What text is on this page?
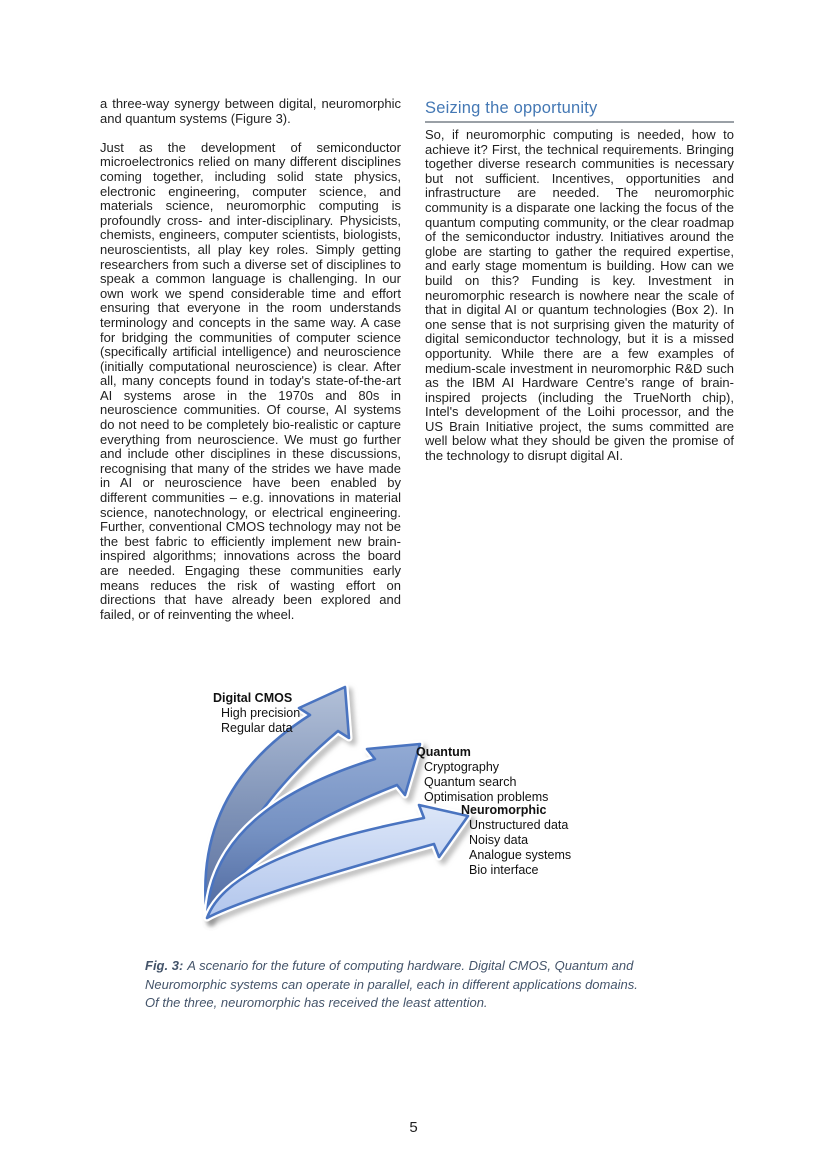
a three-way synergy between digital, neuromorphic and quantum systems (Figure 3).

Just as the development of semiconductor microelectronics relied on many different disciplines coming together, including solid state physics, electronic engineering, computer science, and materials science, neuromorphic computing is profoundly cross- and inter-disciplinary. Physicists, chemists, engineers, computer scientists, biologists, neuroscientists, all play key roles. Simply getting researchers from such a diverse set of disciplines to speak a common language is challenging. In our own work we spend considerable time and effort ensuring that everyone in the room understands terminology and concepts in the same way. A case for bridging the communities of computer science (specifically artificial intelligence) and neuroscience (initially computational neuroscience) is clear. After all, many concepts found in today's state-of-the-art AI systems arose in the 1970s and 80s in neuroscience communities. Of course, AI systems do not need to be completely bio-realistic or capture everything from neuroscience. We must go further and include other disciplines in these discussions, recognising that many of the strides we have made in AI or neuroscience have been enabled by different communities – e.g. innovations in material science, nanotechnology, or electrical engineering. Further, conventional CMOS technology may not be the best fabric to efficiently implement new brain-inspired algorithms; innovations across the board are needed. Engaging these communities early means reduces the risk of wasting effort on directions that have already been explored and failed, or of reinventing the wheel.

Seizing the opportunity

So, if neuromorphic computing is needed, how to achieve it? First, the technical requirements. Bringing together diverse research communities is necessary but not sufficient. Incentives, opportunities and infrastructure are needed. The neuromorphic community is a disparate one lacking the focus of the quantum computing community, or the clear roadmap of the semiconductor industry. Initiatives around the globe are starting to gather the required expertise, and early stage momentum is building. How can we build on this? Funding is key. Investment in neuromorphic research is nowhere near the scale of that in digital AI or quantum technologies (Box 2). In one sense that is not surprising given the maturity of digital semiconductor technology, but it is a missed opportunity. While there are a few examples of medium-scale investment in neuromorphic R&D such as the IBM AI Hardware Centre's range of brain-inspired projects (including the TrueNorth chip), Intel's development of the Loihi processor, and the US Brain Initiative project, the sums committed are well below what they should be given the promise of the technology to disrupt digital AI.

Digital CMOS
High precision
Regular data
Quantum
Cryptography
Quantum search
Optimisation problems
Neuromorphic
Unstructured data
Noisy data
Analogue systems
Bio interface
Fig. 3: A scenario for the future of computing hardware. Digital CMOS, Quantum and Neuromorphic systems can operate in parallel, each in different applications domains. Of the three, neuromorphic has received the least attention.
5
